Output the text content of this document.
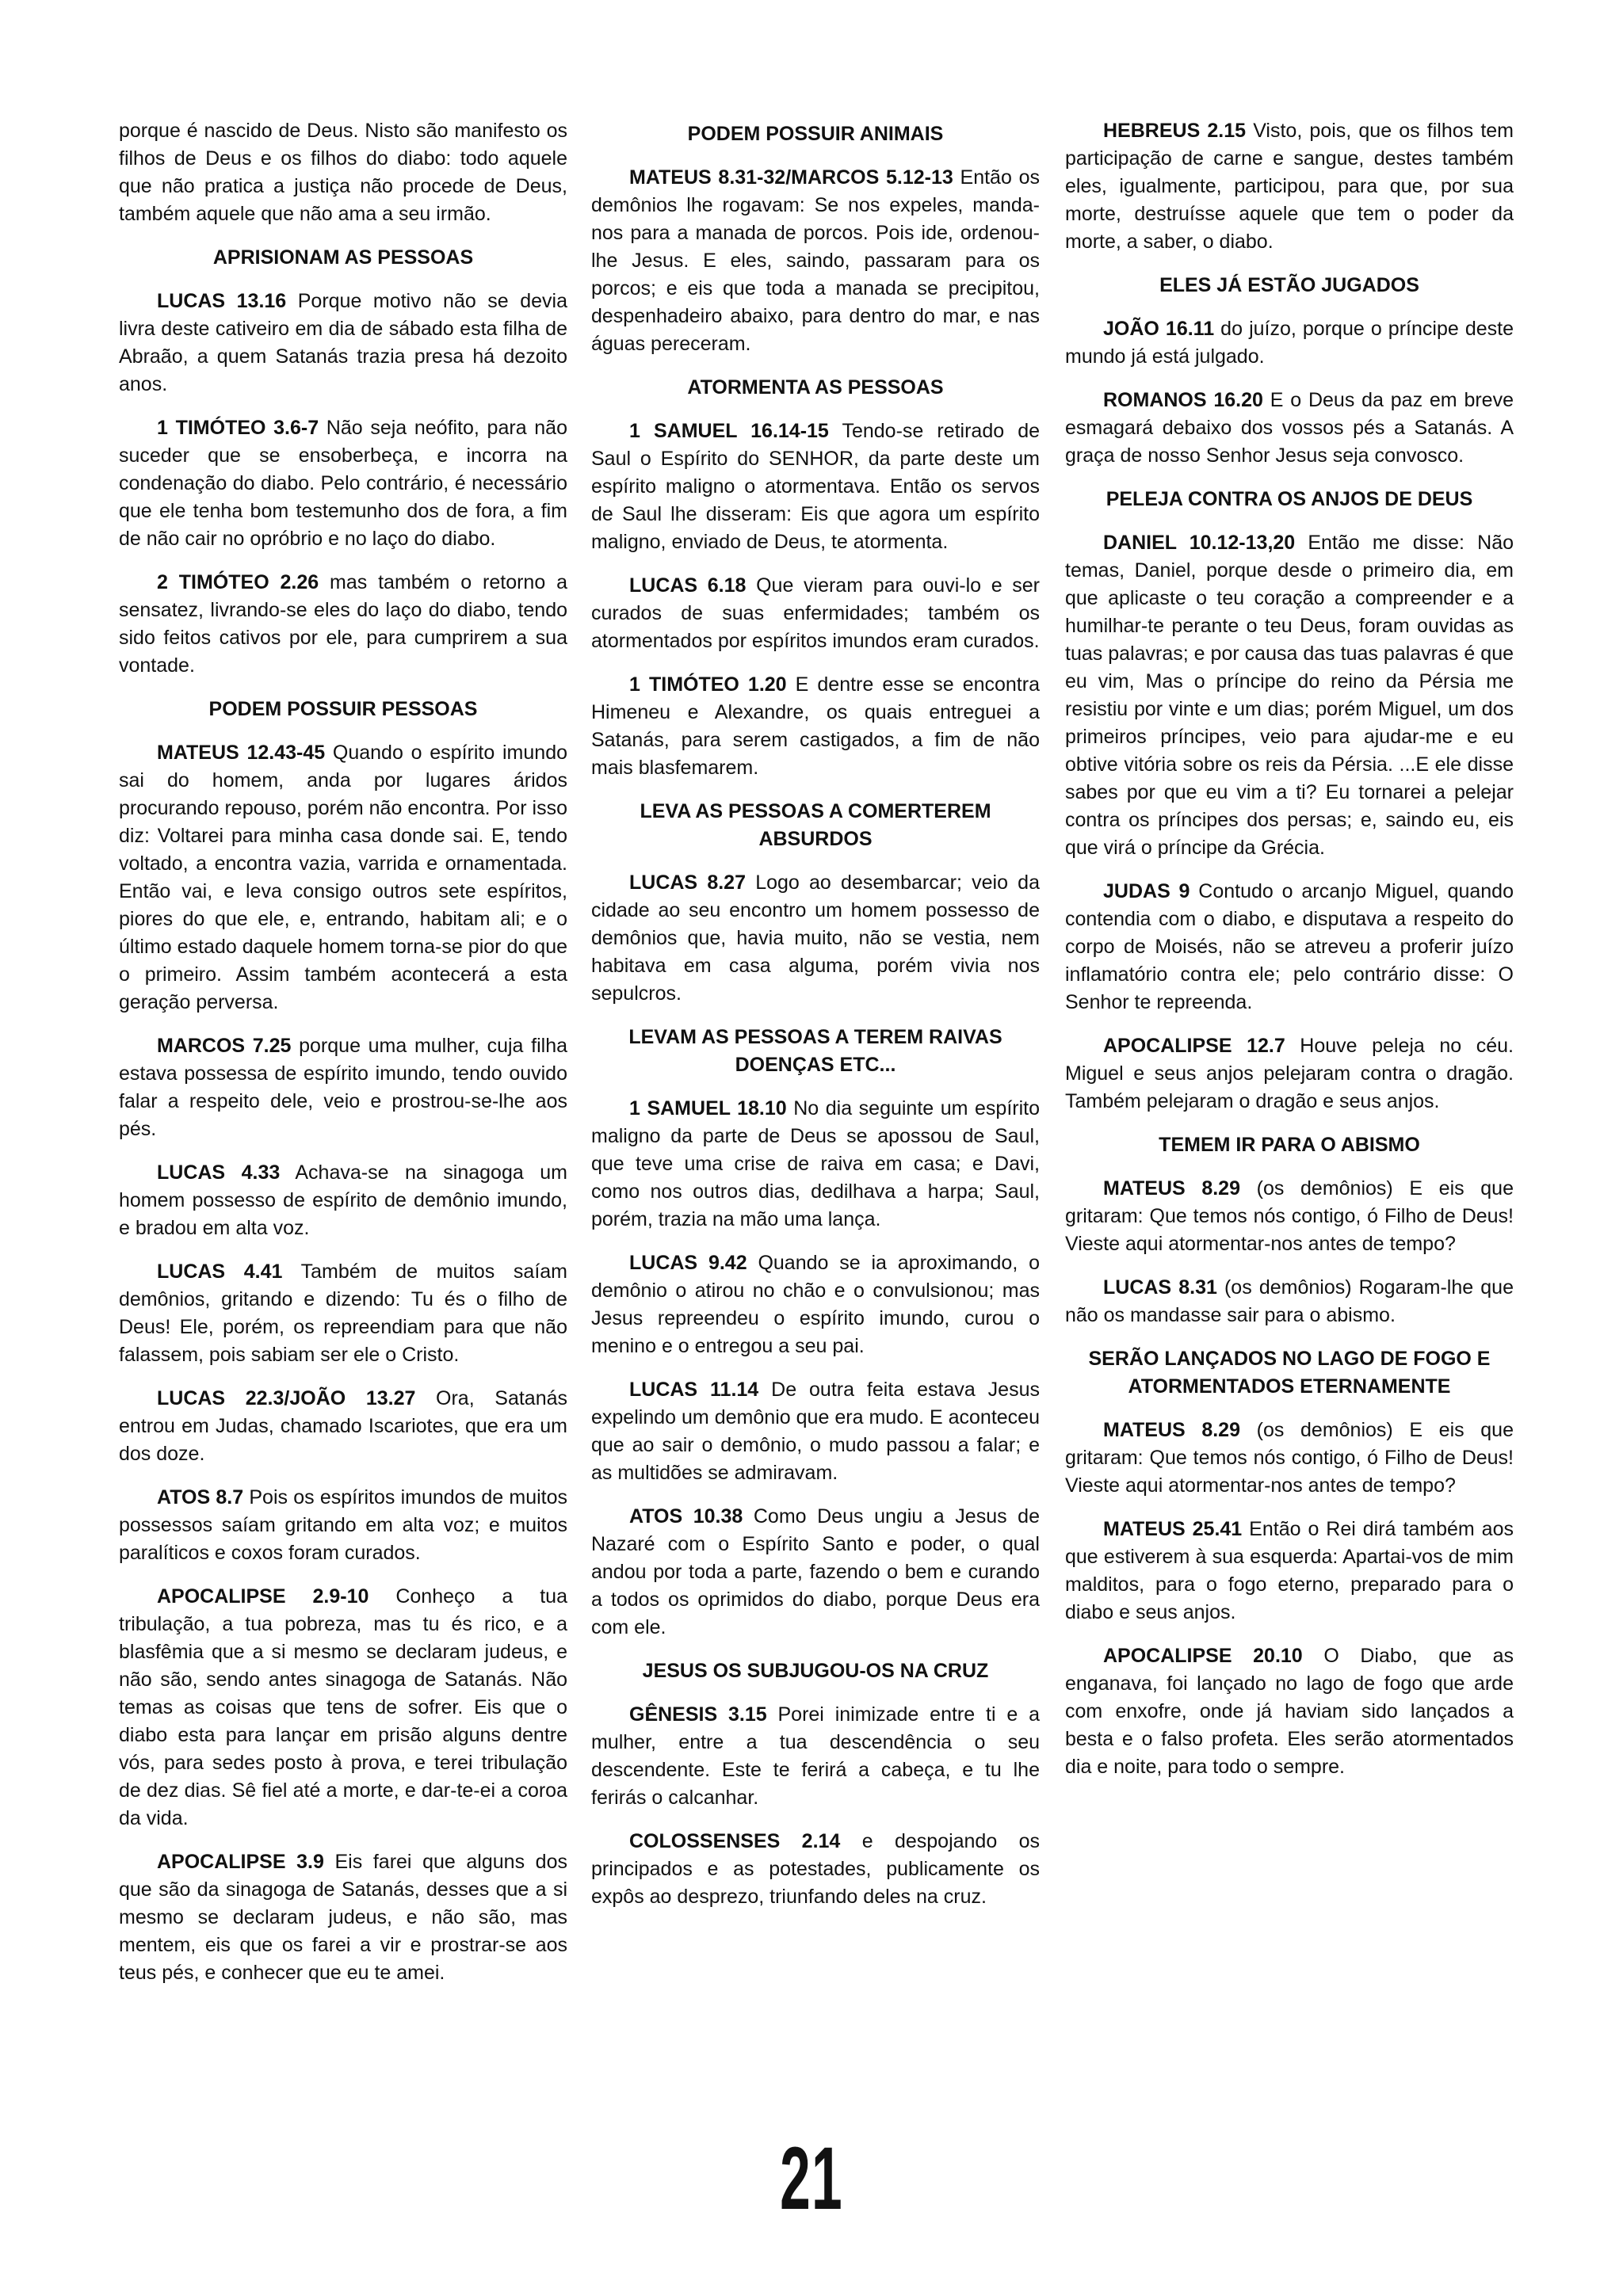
porque é nascido de Deus. Nisto são manifesto os filhos de Deus e os filhos do diabo: todo aquele que não pratica a justiça não procede de Deus, também aquele que não ama a seu irmão.

APRISIONAM AS PESSOAS

LUCAS 13.16 Porque motivo não se devia livra deste cativeiro em dia de sábado esta filha de Abraão, a quem Satanás trazia presa há dezoito anos.

1 TIMÓTEO 3.6-7 Não seja neófito, para não suceder que se ensoberbeça, e incorra na condenação do diabo. Pelo contrário, é necessário que ele tenha bom testemunho dos de fora, a fim de não cair no opróbrio e no laço do diabo.

2 TIMÓTEO 2.26 mas também o retorno a sensatez, livrando-se eles do laço do diabo, tendo sido feitos cativos por ele, para cumprirem a sua vontade.

PODEM POSSUIR PESSOAS

MATEUS 12.43-45 Quando o espírito imundo sai do homem, anda por lugares áridos procurando repouso, porém não encontra. Por isso diz: Voltarei para minha casa donde sai. E, tendo voltado, a encontra vazia, varrida e ornamentada. Então vai, e leva consigo outros sete espíritos, piores do que ele, e, entrando, habitam ali; e o último estado daquele homem torna-se pior do que o primeiro. Assim também acontecerá a esta geração perversa.

MARCOS 7.25 porque uma mulher, cuja filha estava possessa de espírito imundo, tendo ouvido falar a respeito dele, veio e prostrou-se-lhe aos pés.

LUCAS 4.33 Achava-se na sinagoga um homem possesso de espírito de demônio imundo, e bradou em alta voz.

LUCAS 4.41 Também de muitos saíam demônios, gritando e dizendo: Tu és o filho de Deus! Ele, porém, os repreendiam para que não falassem, pois sabiam ser ele o Cristo.

LUCAS 22.3/JOÃO 13.27 Ora, Satanás entrou em Judas, chamado Iscariotes, que era um dos doze.

ATOS 8.7 Pois os espíritos imundos de muitos possessos saíam gritando em alta voz; e muitos paralíticos e coxos foram curados.

APOCALIPSE 2.9-10 Conheço a tua tribulação, a tua pobreza, mas tu és rico, e a blasfêmia que a si mesmo se declaram judeus, e não são, sendo antes sinagoga de Satanás. Não temas as coisas que tens de sofrer. Eis que o diabo esta para lançar em prisão alguns dentre vós, para sedes posto à prova, e terei tribulação de dez dias. Sê fiel até a morte, e dar-te-ei a coroa da vida.

APOCALIPSE 3.9 Eis farei que alguns dos que são da sinagoga de Satanás, desses que a si mesmo se declaram judeus, e não são, mas mentem, eis que os farei a vir e prostrar-se aos teus pés, e conhecer que eu te amei.

PODEM POSSUIR ANIMAIS

MATEUS 8.31-32/MARCOS 5.12-13 Então os demônios lhe rogavam: Se nos expeles, manda-nos para a manada de porcos. Pois ide, ordenou-lhe Jesus. E eles, saindo, passaram para os porcos; e eis que toda a manada se precipitou, despenhadeiro abaixo, para dentro do mar, e nas águas pereceram.

ATORMENTA AS PESSOAS

1 SAMUEL 16.14-15 Tendo-se retirado de Saul o Espírito do SENHOR, da parte deste um espírito maligno o atormentava. Então os servos de Saul lhe disseram: Eis que agora um espírito maligno, enviado de Deus, te atormenta.

LUCAS 6.18 Que vieram para ouvi-lo e ser curados de suas enfermidades; também os atormentados por espíritos imundos eram curados.

1 TIMÓTEO 1.20 E dentre esse se encontra Himeneu e Alexandre, os quais entreguei a Satanás, para serem castigados, a fim de não mais blasfemarem.

LEVA AS PESSOAS A COMERTEREM ABSURDOS

LUCAS 8.27 Logo ao desembarcar; veio da cidade ao seu encontro um homem possesso de demônios que, havia muito, não se vestia, nem habitava em casa alguma, porém vivia nos sepulcros.

LEVAM AS PESSOAS A TEREM RAIVAS DOENÇAS ETC...

1 SAMUEL 18.10 No dia seguinte um espírito maligno da parte de Deus se apossou de Saul, que teve uma crise de raiva em casa; e Davi, como nos outros dias, dedilhava a harpa; Saul, porém, trazia na mão uma lança.

LUCAS 9.42 Quando se ia aproximando, o demônio o atirou no chão e o convulsionou; mas Jesus repreendeu o espírito imundo, curou o menino e o entregou a seu pai.

LUCAS 11.14 De outra feita estava Jesus expelindo um demônio que era mudo. E aconteceu que ao sair o demônio, o mudo passou a falar; e as multidões se admiravam.

ATOS 10.38 Como Deus ungiu a Jesus de Nazaré com o Espírito Santo e poder, o qual andou por toda a parte, fazendo o bem e curando a todos os oprimidos do diabo, porque Deus era com ele.

JESUS OS SUBJUGOU-OS NA CRUZ

GÊNESIS 3.15 Porei inimizade entre ti e a mulher, entre a tua descendência o seu descendente. Este te ferirá a cabeça, e tu lhe ferirás o calcanhar.

COLOSSENSES 2.14 e despojando os principados e as potestades, publicamente os expôs ao desprezo, triunfando deles na cruz.

HEBREUS 2.15 Visto, pois, que os filhos tem participação de carne e sangue, destes também eles, igualmente, participou, para que, por sua morte, destruísse aquele que tem o poder da morte, a saber, o diabo.

ELES JÁ ESTÃO JUGADOS

JOÃO 16.11 do juízo, porque o príncipe deste mundo já está julgado.

ROMANOS 16.20 E o Deus da paz em breve esmagará debaixo dos vossos pés a Satanás. A graça de nosso Senhor Jesus seja convosco.

PELEJA CONTRA OS ANJOS DE DEUS

DANIEL 10.12-13,20 Então me disse: Não temas, Daniel, porque desde o primeiro dia, em que aplicaste o teu coração a compreender e a humilhar-te perante o teu Deus, foram ouvidas as tuas palavras; e por causa das tuas palavras é que eu vim, Mas o príncipe do reino da Pérsia me resistiu por vinte e um dias; porém Miguel, um dos primeiros príncipes, veio para ajudar-me e eu obtive vitória sobre os reis da Pérsia. ...E ele disse sabes por que eu vim a ti? Eu tornarei a pelejar contra os príncipes dos persas; e, saindo eu, eis que virá o príncipe da Grécia.

JUDAS 9 Contudo o arcanjo Miguel, quando contendia com o diabo, e disputava a respeito do corpo de Moisés, não se atreveu a proferir juízo inflamatório contra ele; pelo contrário disse: O Senhor te repreenda.

APOCALIPSE 12.7 Houve peleja no céu. Miguel e seus anjos pelejaram contra o dragão. Também pelejaram o dragão e seus anjos.

TEMEM IR PARA O ABISMO

MATEUS 8.29 (os demônios) E eis que gritaram: Que temos nós contigo, ó Filho de Deus! Vieste aqui atormentar-nos antes de tempo?

LUCAS 8.31 (os demônios) Rogaram-lhe que não os mandasse sair para o abismo.

SERÃO LANÇADOS NO LAGO DE FOGO E ATORMENTADOS ETERNAMENTE

MATEUS 8.29 (os demônios) E eis que gritaram: Que temos nós contigo, ó Filho de Deus! Vieste aqui atormentar-nos antes de tempo?

MATEUS 25.41 Então o Rei dirá também aos que estiverem à sua esquerda: Apartai-vos de mim malditos, para o fogo eterno, preparado para o diabo e seus anjos.

APOCALIPSE 20.10 O Diabo, que as enganava, foi lançado no lago de fogo que arde com enxofre, onde já haviam sido lançados a besta e o falso profeta. Eles serão atormentados dia e noite, para todo o sempre.

21
